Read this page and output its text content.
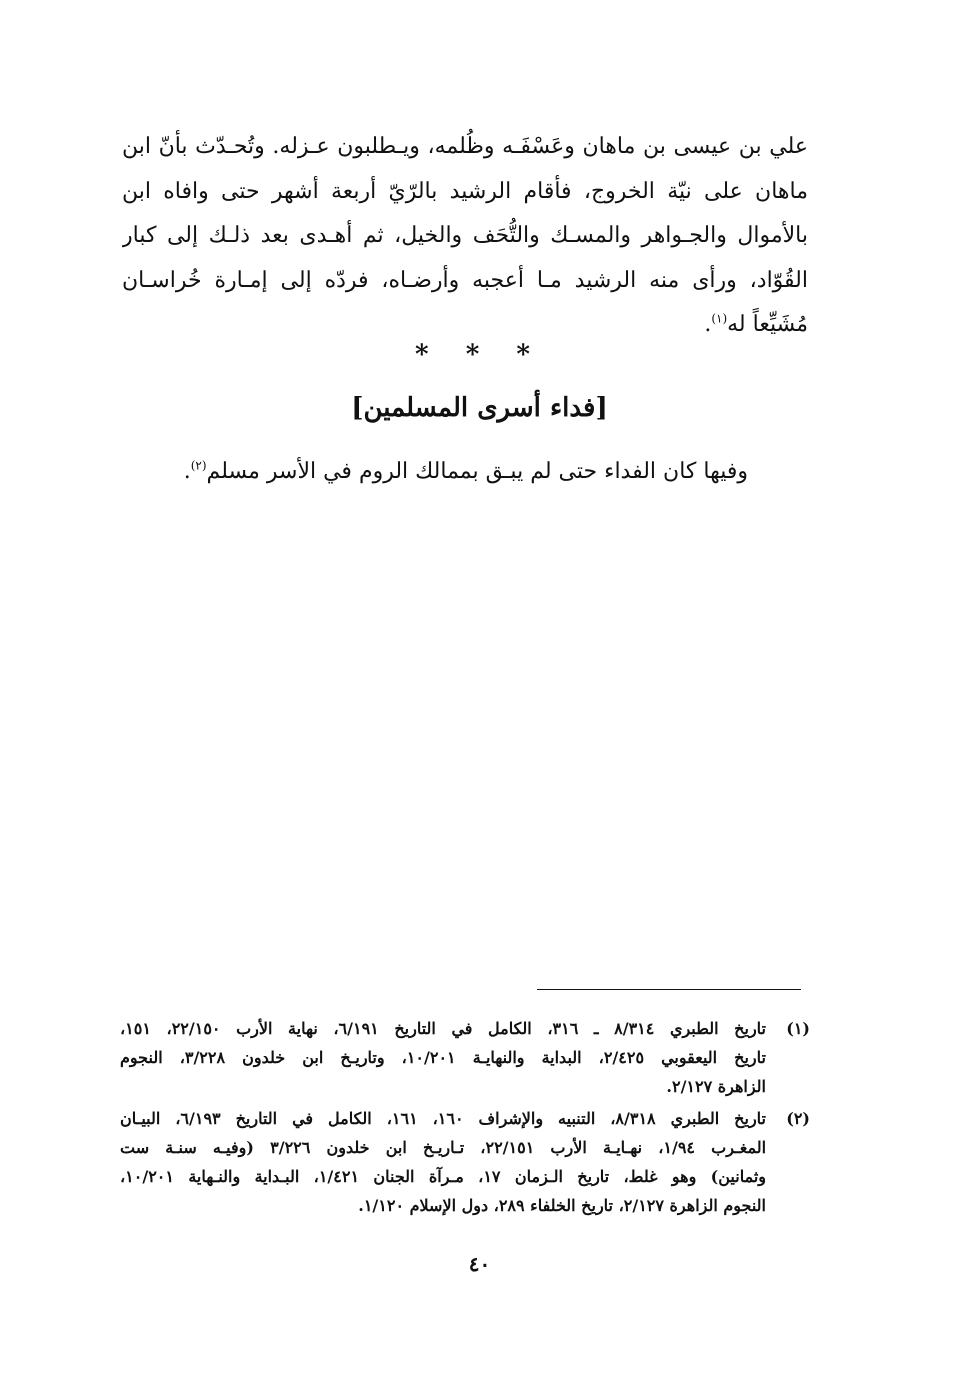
علي بن عيسى بن ماهان وعَسْفَـه وظُلمه، ويـطلبون عـزله. وتُحـدّث بأنّ ابن
ماهان على نيّة الخروج، فأقام الرشيد بالرّيّ أربعة أشهر حتى وافاه ابن
بالأموال والجـواهر والمسـك والتُّحَف والخيل، ثم أهـدى بعد ذلـك إلى كبار
القُوّاد، ورأى منه الرشيد مـا أعجبه وأرضـاه، فردّه إلى إمـارة خُراسـان
مُشَيِّعاً له$^{(١)}$.
* * *
[فداء أسرى المسلمين]
وفيها كان الفداء حتى لم يبـق بممالك الروم في الأسر مسلم$^{(٢)}$.
(١)
تاريخ الطبري ٨/٣١٤ ـ ٣١٦، الكامل في التاريخ ٦/١٩١، نهاية الأرب ٢٢/١٥٠، ١٥١،
تاريخ اليعقوبي ٢/٤٢٥، البداية والنهايـة ١٠/٢٠١، وتاريـخ ابن خلدون ٣/٢٢٨، النجوم
الزاهرة ٢/١٢٧.
(٢)
تاريخ الطبري ٨/٣١٨، التنبيه والإشراف ١٦٠، ١٦١، الكامل في التاريخ ٦/١٩٣، البيـان
المغـرب ١/٩٤، نهـايـة الأرب ٢٢/١٥١، تـاريـخ ابن خلدون ٣/٢٢٦ (وفيـه سنـة ست
وثمانين) وهو غلط، تاريخ الـزمان ١٧، مـرآة الجنان ١/٤٢١، البـداية والنـهاية ١٠/٢٠١،
النجوم الزاهرة ٢/١٢٧، تاريخ الخلفاء ٢٨٩، دول الإسلام ١/١٢٠.
٤٠
